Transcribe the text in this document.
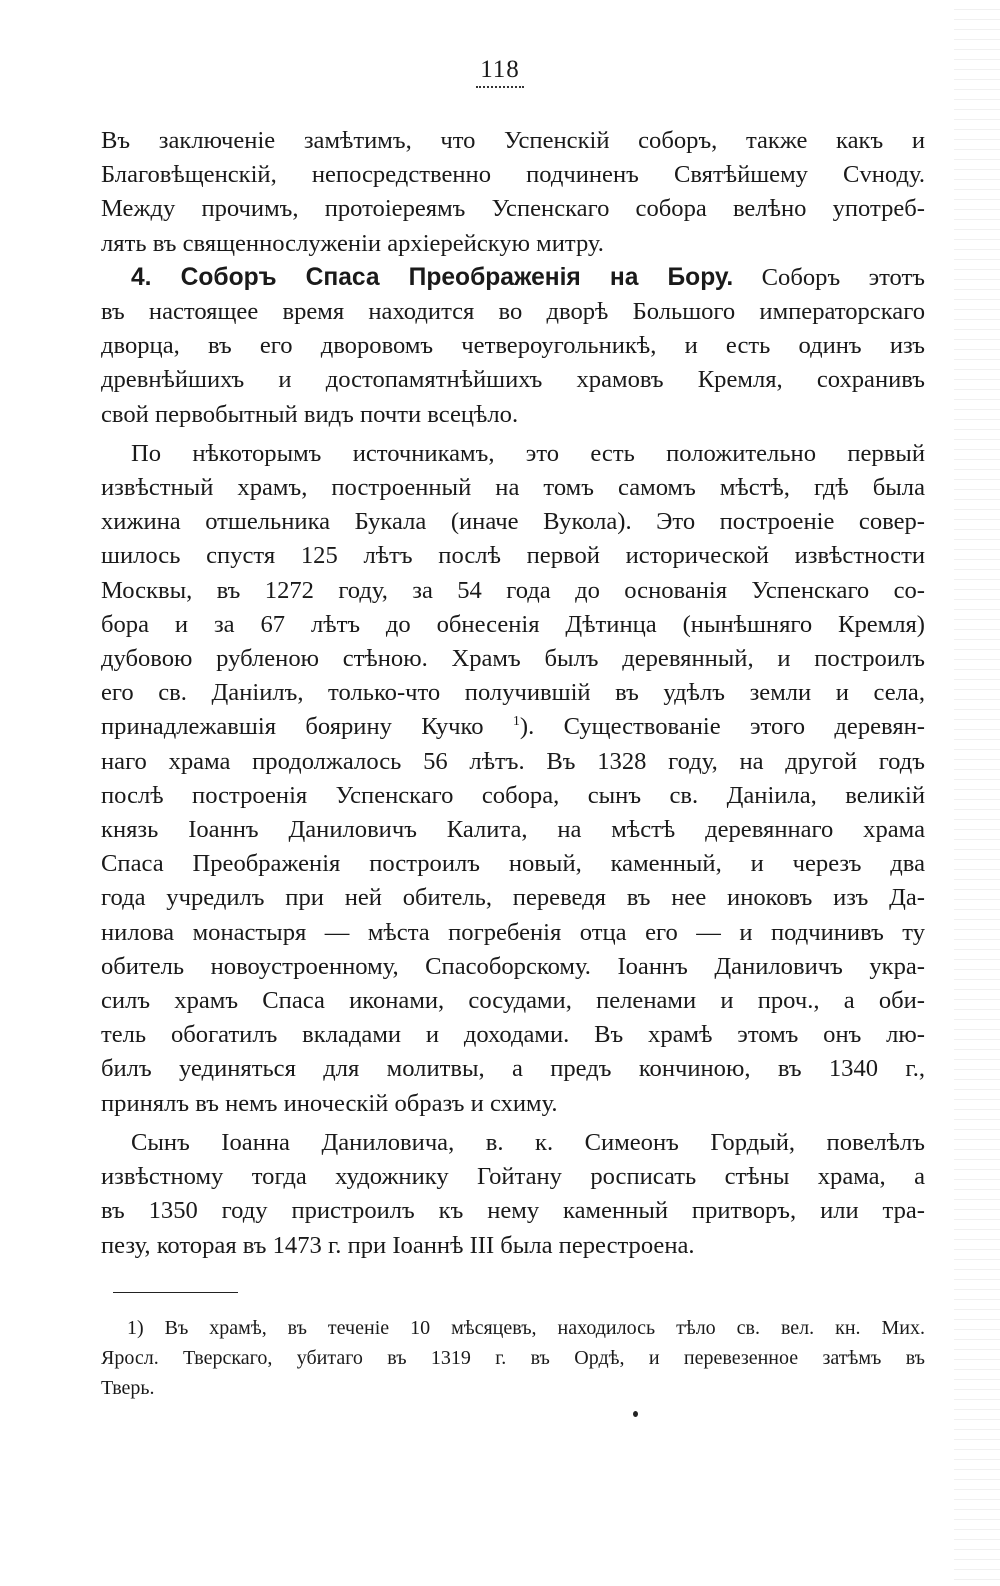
118
Въ заключеніе замѣтимъ, что Успенскій соборъ, также какъ и
Благовѣщенскій, непосредственно подчиненъ Святѣйшему Сvноду.
Между прочимъ, протоіереямъ Успенскаго собора велѣно употреб-
лять въ священнослуженіи архіерейскую митру.
4. Соборъ Спаса Преображенія на Бору. Соборъ этотъ
въ настоящее время находится во дворѣ Большого императорскаго
дворца, въ его дворовомъ четвероугольникѣ, и есть одинъ изъ
древнѣйшихъ и достопамятнѣйшихъ храмовъ Кремля, сохранивъ
свой первобытный видъ почти всецѣло.
По нѣкоторымъ источникамъ, это есть положительно первый
извѣстный храмъ, построенный на томъ самомъ мѣстѣ, гдѣ была
хижина отшельника Букала (иначе Вукола). Это построеніе совер-
шилось спустя 125 лѣтъ послѣ первой исторической извѣстности
Москвы, въ 1272 году, за 54 года до основанія Успенскаго со-
бора и за 67 лѣтъ до обнесенія Дѣтинца (нынѣшняго Кремля)
дубовою рубленою стѣною. Храмъ былъ деревянный, и построилъ
его св. Даніилъ, только-что получившій въ удѣлъ земли и села,
принадлежавшія боярину Кучко $^1$). Существованіе этого деревян-
наго храма продолжалось 56 лѣтъ. Въ 1328 году, на другой годъ
послѣ построенія Успенскаго собора, сынъ св. Даніила, великій
князь Іоаннъ Даниловичъ Калита, на мѣстѣ деревяннаго храма
Спаса Преображенія построилъ новый, каменный, и черезъ два
года учредилъ при ней обитель, переведя въ нее иноковъ изъ Да-
нилова монастыря — мѣста погребенія отца его — и подчинивъ ту
обитель новоустроенному, Спасоборскому. Іоаннъ Даниловичъ укра-
силъ храмъ Спаса иконами, сосудами, пеленами и проч., а оби-
тель обогатилъ вкладами и доходами. Въ храмѣ этомъ онъ лю-
билъ уединяться для молитвы, а предъ кончиною, въ 1340 г.,
принялъ въ немъ иноческій образъ и схиму.
Сынъ Іоанна Даниловича, в. к. Симеонъ Гордый, повелѣлъ
извѣстному тогда художнику Гойтану росписать стѣны храма, а
въ 1350 году пристроилъ къ нему каменный притворъ, или тра-
пезу, которая въ 1473 г. при Іоаннѣ III была перестроена.
1) Въ храмѣ, въ теченіе 10 мѣсяцевъ, находилось тѣло св. вел. кн. Мих.
Яросл. Тверскаго, убитаго въ 1319 г. въ Ордѣ, и перевезенное затѣмъ въ
Тверь.
